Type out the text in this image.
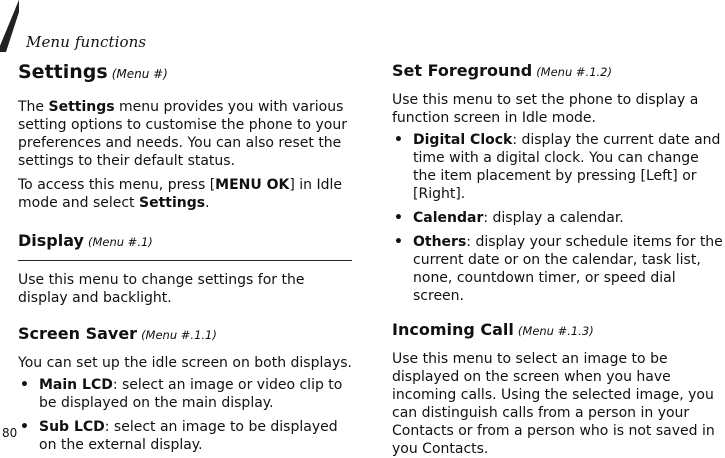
Menu functions
Settings (Menu #)

The Settings menu provides you with various setting options to customise the phone to your preferences and needs. You can also reset the settings to their default status.

To access this menu, press [MENU OK] in Idle mode and select Settings.

Display (Menu #.1)

Use this menu to change settings for the display and backlight.

Screen Saver (Menu #.1.1)

You can set up the idle screen on both displays.

• Main LCD: select an image or video clip to be displayed on the main display.
• Sub LCD: select an image to be displayed on the external display.
Set Foreground (Menu #.1.2)

Use this menu to set the phone to display a function screen in Idle mode.

• Digital Clock: display the current date and time with a digital clock. You can change the item placement by pressing [Left] or [Right].
• Calendar: display a calendar.
• Others: display your schedule items for the current date or on the calendar, task list, none, countdown timer, or speed dial screen.
Incoming Call (Menu #.1.3)

Use this menu to select an image to be displayed on the screen when you have incoming calls. Using the selected image, you can distinguish calls from a person in your Contacts or from a person who is not saved in you Contacts.

80
